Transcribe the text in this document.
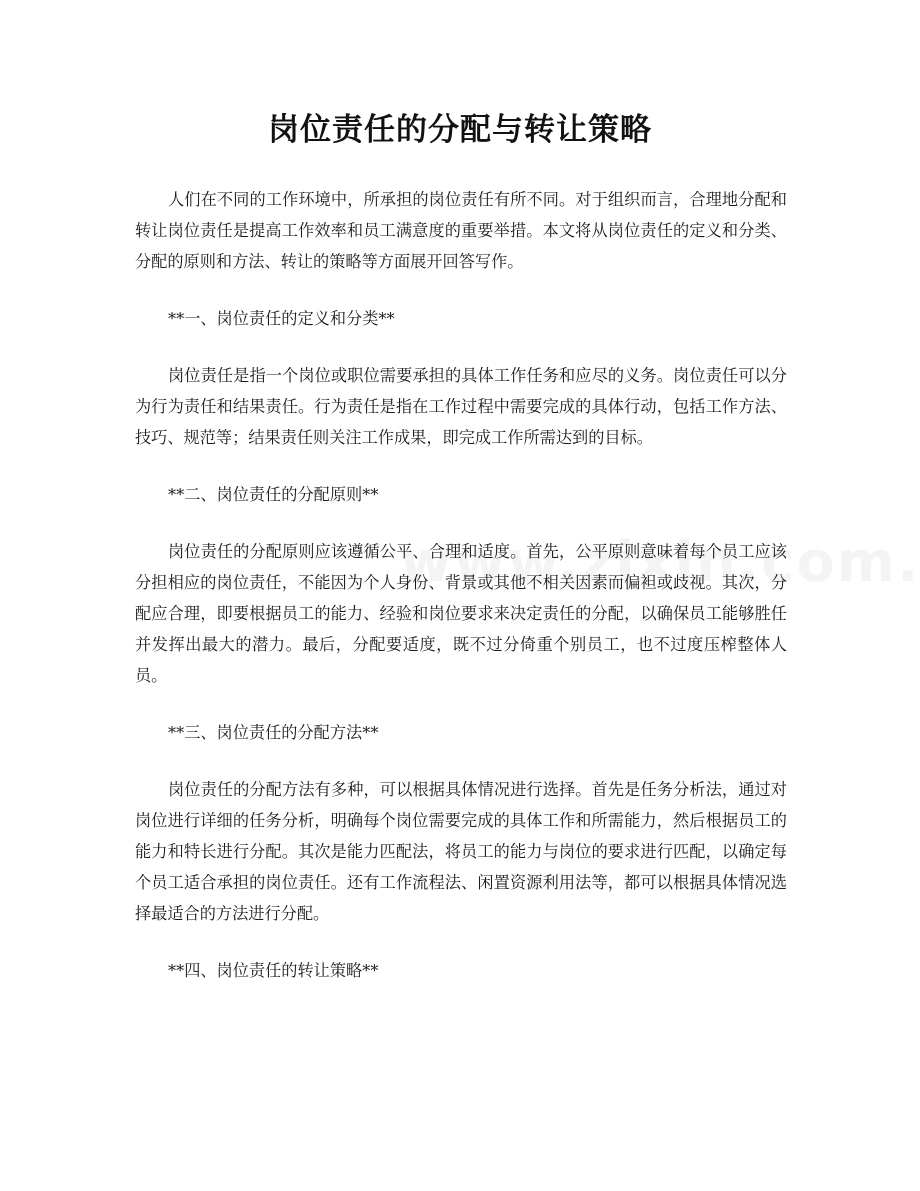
岗位责任的分配与转让策略

人们在不同的工作环境中，所承担的岗位责任有所不同。对于组织而言，合理地分配和转让岗位责任是提高工作效率和员工满意度的重要举措。本文将从岗位责任的定义和分类、分配的原则和方法、转让的策略等方面展开回答写作。

**一、岗位责任的定义和分类**

岗位责任是指一个岗位或职位需要承担的具体工作任务和应尽的义务。岗位责任可以分为行为责任和结果责任。行为责任是指在工作过程中需要完成的具体行动，包括工作方法、技巧、规范等；结果责任则关注工作成果，即完成工作所需达到的目标。

**二、岗位责任的分配原则**

岗位责任的分配原则应该遵循公平、合理和适度。首先，公平原则意味着每个员工应该分担相应的岗位责任，不能因为个人身份、背景或其他不相关因素而偏袒或歧视。其次，分配应合理，即要根据员工的能力、经验和岗位要求来决定责任的分配，以确保员工能够胜任并发挥出最大的潜力。最后，分配要适度，既不过分倚重个别员工，也不过度压榨整体人员。

**三、岗位责任的分配方法**

岗位责任的分配方法有多种，可以根据具体情况进行选择。首先是任务分析法，通过对岗位进行详细的任务分析，明确每个岗位需要完成的具体工作和所需能力，然后根据员工的能力和特长进行分配。其次是能力匹配法，将员工的能力与岗位的要求进行匹配，以确定每个员工适合承担的岗位责任。还有工作流程法、闲置资源利用法等，都可以根据具体情况选择最适合的方法进行分配。

**四、岗位责任的转让策略**
